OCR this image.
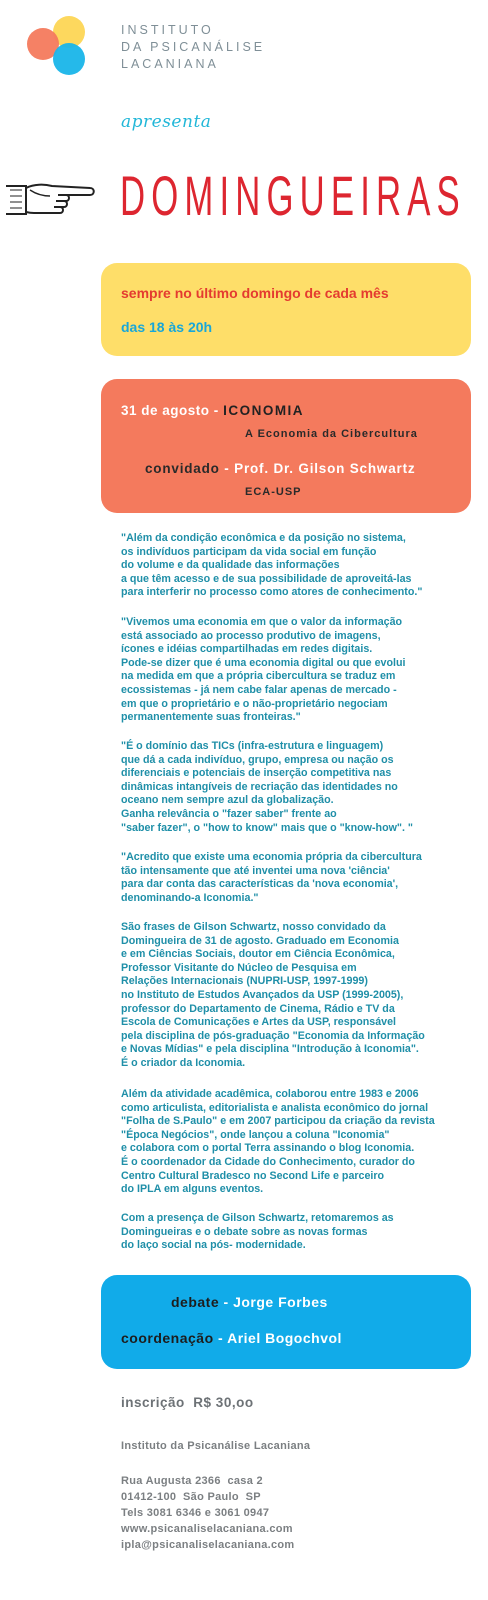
INSTITUTO
DA PSICANÁLISE
LACANIANA
apresenta
D O M I N G U E I R A S
sempre no último domingo de cada mês
das 18 às 20h
31 de agosto - ICONOMIA
A Economia da Cibercultura
convidado - Prof. Dr. Gilson Schwartz
ECA-USP
"Além da condição econômica e da posição no sistema,
os indivíduos participam da vida social em função
do volume e da qualidade das informações
a que têm acesso e de sua possibilidade de aproveitá-las
para interferir no processo como atores de conhecimento."
"Vivemos uma economia em que o valor da informação
está associado ao processo produtivo de imagens,
ícones e idéias compartilhadas em redes digitais.
Pode-se dizer que é uma economia digital ou que evolui
na medida em que a própria cibercultura se traduz em
ecossistemas - já nem cabe falar apenas de mercado -
em que o proprietário e o não-proprietário negociam
permanentemente suas fronteiras."
"É o domínio das TICs (infra-estrutura e linguagem)
que dá a cada indivíduo, grupo, empresa ou nação os
diferenciais e potenciais de inserção competitiva nas
dinâmicas intangíveis de recriação das identidades no
oceano nem sempre azul da globalização.
Ganha relevância o "fazer saber" frente ao
"saber fazer", o "how to know" mais que o "know-how". "
"Acredito que existe uma economia própria da cibercultura
tão intensamente que até inventei uma nova 'ciência'
para dar conta das características da 'nova economia',
denominando-a Iconomia."
São frases de Gilson Schwartz, nosso convidado da
Domingueira de 31 de agosto. Graduado em Economia
e em Ciências Sociais, doutor em Ciência Econômica,
Professor Visitante do Núcleo de Pesquisa em
Relações Internacionais (NUPRI-USP, 1997-1999)
no Instituto de Estudos Avançados da USP (1999-2005),
professor do Departamento de Cinema, Rádio e TV da
Escola de Comunicações e Artes da USP, responsável
pela disciplina de pós-graduação "Economia da Informação
e Novas Mídias" e pela disciplina "Introdução à Iconomia".
É o criador da Iconomia.
Além da atividade acadêmica, colaborou entre 1983 e 2006
como articulista, editorialista e analista econômico do jornal
"Folha de S.Paulo" e em 2007 participou da criação da revista
"Época Negócios", onde lançou a coluna "Iconomia"
e colabora com o portal Terra assinando o blog Iconomia.
É o coordenador da Cidade do Conhecimento, curador do
Centro Cultural Bradesco no Second Life e parceiro
do IPLA em alguns eventos.
Com a presença de Gilson Schwartz, retomaremos as
Domingueiras e o debate sobre as novas formas
do laço social na pós- modernidade.
debate - Jorge Forbes
coordenação - Ariel Bogochvol
inscrição R$ 30,oo
Instituto da Psicanálise Lacaniana
Rua Augusta 2366  casa 2
01412-100  São Paulo  SP
Tels 3081 6346 e 3061 0947
www.psicanaliselacaniana.com
ipla@psicanaliselacaniana.com
